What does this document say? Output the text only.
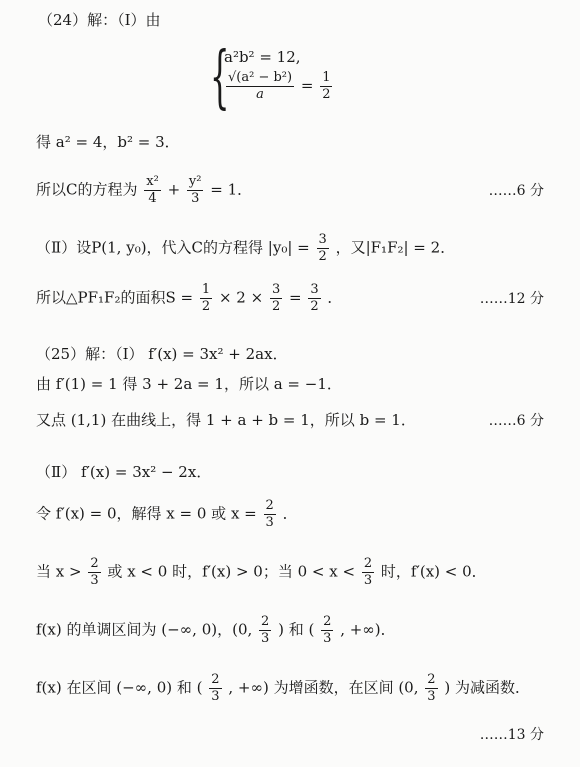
（24）解：（Ⅰ）由
{
a²b² = 12,
$\frac{\text{√(a² − b²)}}{a} = \frac{1}{2}$
得 a² = 4，b² = 3．
所以C的方程为 $\frac{\text{x²}}{4} + \frac{\text{y²}}{3} = 1$．	……6 分
（Ⅱ）设P(1, y₀)，代入C的方程得 $|y_0| = \frac{3}{2}$ ，又|F₁F₂| = 2．
所以△PF₁F₂的面积$S = \frac{1}{2} \times 2 \times \frac{3}{2} = \frac{3}{2}$ ．	……12 分
（25）解：（Ⅰ） f′(x) = 3x² + 2ax．
由 f′(1) = 1 得 3 + 2a = 1，所以 a = −1．
又点 (1,1) 在曲线上，得 1 + a + b = 1，所以 b = 1．	……6 分
（Ⅱ） f′(x) = 3x² − 2x．
令 f′(x) = 0，解得 x = 0 或 $x = \frac{2}{3}$ ．
当 $x > \frac{2}{3}$ 或 x < 0 时，f′(x) > 0；当 $0 < x < \frac{2}{3}$ 时，f′(x) < 0．
f(x) 的单调区间为 (−∞, 0)，(0, $\frac{2}{3}$ ) 和 ( $\frac{2}{3}$ , +∞)．
f(x) 在区间 (−∞, 0) 和 ( $\frac{2}{3}$ , +∞) 为增函数，在区间 (0, $\frac{2}{3}$ ) 为减函数．
……13 分
